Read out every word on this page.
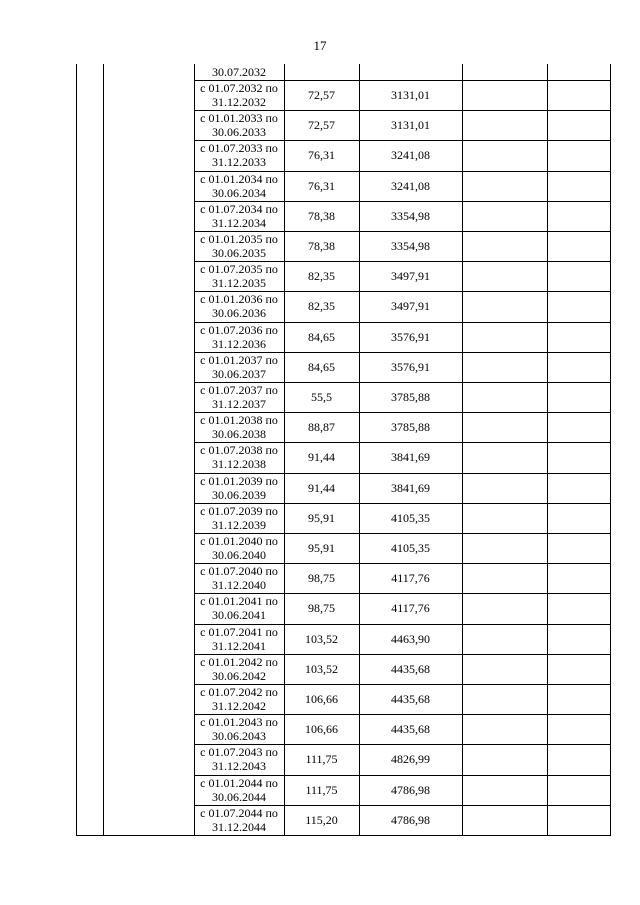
17
30.07.2032
с 01.07.2032 по
31.12.2032	72,57	3131,01
с 01.01.2033 по
30.06.2033	72,57	3131,01
с 01.07.2033 по
31.12.2033	76,31	3241,08
с 01.01.2034 по
30.06.2034	76,31	3241,08
с 01.07.2034 по
31.12.2034	78,38	3354,98
с 01.01.2035 по
30.06.2035	78,38	3354,98
с 01.07.2035 по
31.12.2035	82,35	3497,91
с 01.01.2036 по
30.06.2036	82,35	3497,91
с 01.07.2036 по
31.12.2036	84,65	3576,91
с 01.01.2037 по
30.06.2037	84,65	3576,91
с 01.07.2037 по
31.12.2037	55,5	3785,88
с 01.01.2038 по
30.06.2038	88,87	3785,88
с 01.07.2038 по
31.12.2038	91,44	3841,69
с 01.01.2039 по
30.06.2039	91,44	3841,69
с 01.07.2039 по
31.12.2039	95,91	4105,35
с 01.01.2040 по
30.06.2040	95,91	4105,35
с 01.07.2040 по
31.12.2040	98,75	4117,76
с 01.01.2041 по
30.06.2041	98,75	4117,76
с 01.07.2041 по
31.12.2041	103,52	4463,90
с 01.01.2042 по
30.06.2042	103,52	4435,68
с 01.07.2042 по
31.12.2042	106,66	4435,68
с 01.01.2043 по
30.06.2043	106,66	4435,68
с 01.07.2043 по
31.12.2043	111,75	4826,99
с 01.01.2044 по
30.06.2044	111,75	4786,98
с 01.07.2044 по
31.12.2044	115,20	4786,98
